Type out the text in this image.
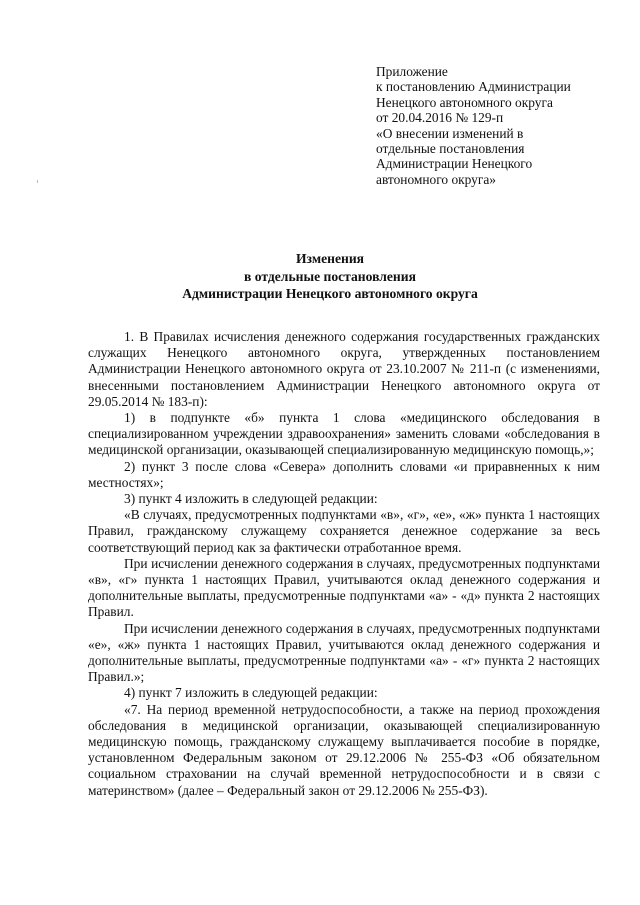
Приложение
к постановлению Администрации
Ненецкого автономного округа
от 20.04.2016 № 129-п
«О внесении изменений в
отдельные постановления
Администрации Ненецкого
автономного округа»
Изменения
в отдельные постановления
Администрации Ненецкого автономного округа

1. В Правилах исчисления денежного содержания государственных гражданских служащих Ненецкого автономного округа, утвержденных постановлением Администрации Ненецкого автономного округа от 23.10.2007 № 211-п (с изменениями, внесенными постановлением Администрации Ненецкого автономного округа от 29.05.2014 № 183-п):

1) в подпункте «б» пункта 1 слова «медицинского обследования в специализированном учреждении здравоохранения» заменить словами «обследования в медицинской организации, оказывающей специализированную медицинскую помощь,»;

2) пункт 3 после слова «Севера» дополнить словами «и приравненных к ним местностях»;

3) пункт 4 изложить в следующей редакции:

«В случаях, предусмотренных подпунктами «в», «г», «е», «ж» пункта 1 настоящих Правил, гражданскому служащему сохраняется денежное содержание за весь соответствующий период как за фактически отработанное время.

При исчислении денежного содержания в случаях, предусмотренных подпунктами «в», «г» пункта 1 настоящих Правил, учитываются оклад денежного содержания и дополнительные выплаты, предусмотренные подпунктами «а» - «д» пункта 2 настоящих Правил.

При исчислении денежного содержания в случаях, предусмотренных подпунктами «е», «ж» пункта 1 настоящих Правил, учитываются оклад денежного содержания и дополнительные выплаты, предусмотренные подпунктами «а» - «г» пункта 2 настоящих Правил.»;

4) пункт 7 изложить в следующей редакции:

«7. На период временной нетрудоспособности, а также на период прохождения обследования в медицинской организации, оказывающей специализированную медицинскую помощь, гражданскому служащему выплачивается пособие в порядке, установленном Федеральным законом от 29.12.2006 № 255-ФЗ «Об обязательном социальном страховании на случай временной нетрудоспособности и в связи с материнством» (далее – Федеральный закон от 29.12.2006 № 255-ФЗ).
